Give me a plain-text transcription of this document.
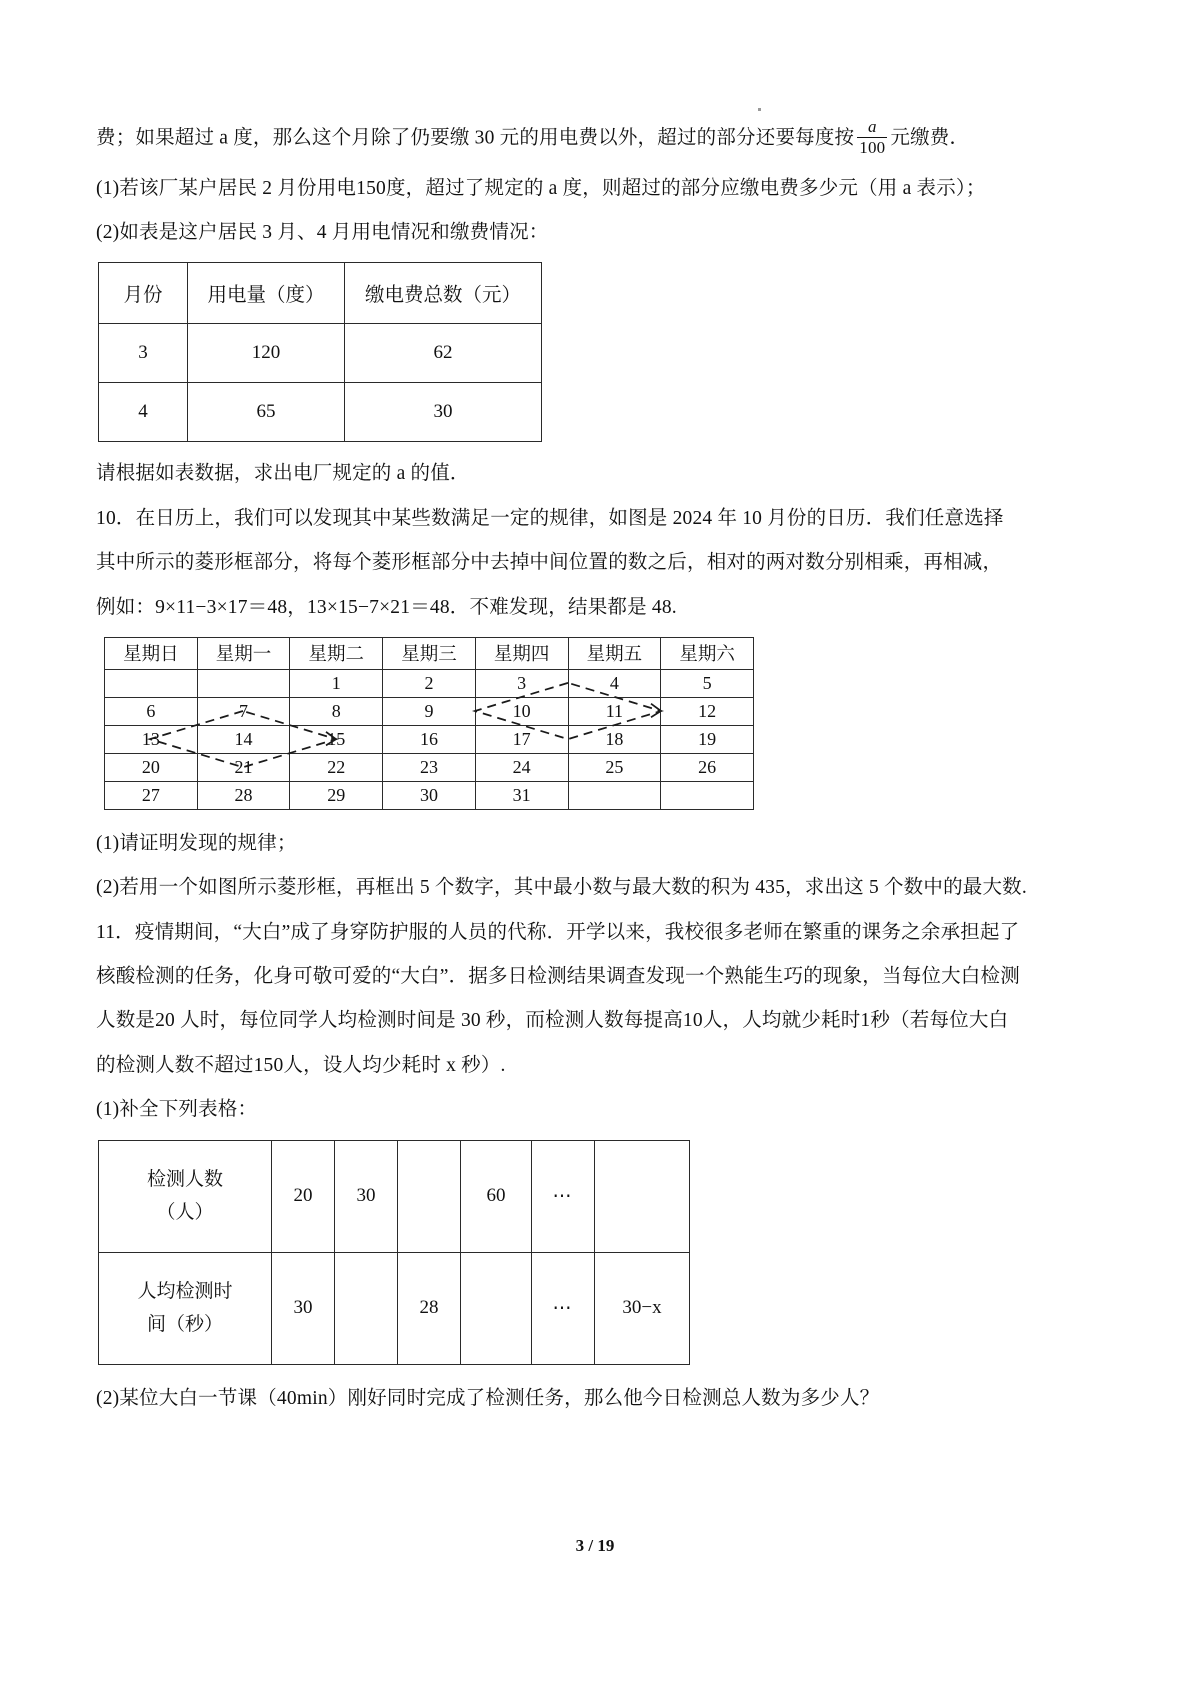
费；如果超过 a 度，那么这个月除了仍要缴 30 元的用电费以外，超过的部分还要每度按 $\frac{a}{100}$ 元缴费．

(1)若该厂某户居民 2 月份用电150度，超过了规定的 a 度，则超过的部分应缴电费多少元（用 a 表示）；

(2)如表是这户居民 3 月、4 月用电情况和缴费情况：

月份	用电量（度）	缴电费总数（元）
3	120	62
4	65	30

请根据如表数据，求出电厂规定的 a 的值．

10．在日历上，我们可以发现其中某些数满足一定的规律，如图是 2024 年 10 月份的日历．我们任意选择

其中所示的菱形框部分，将每个菱形框部分中去掉中间位置的数之后，相对的两对数分别相乘，再相减，

例如：9×11−3×17＝48，13×15−7×21＝48．不难发现，结果都是 48.

星期日	星期一	星期二	星期三	星期四	星期五	星期六
		1	2	3	4	5
6	7	8	9	10	11	12
13	14	15	16	17	18	19
20	21	22	23	24	25	26
27	28	29	30	31		

(1)请证明发现的规律；

(2)若用一个如图所示菱形框，再框出 5 个数字，其中最小数与最大数的积为 435，求出这 5 个数中的最大数.

11．疫情期间，“大白”成了身穿防护服的人员的代称．开学以来，我校很多老师在繁重的课务之余承担起了

核酸检测的任务，化身可敬可爱的“大白”．据多日检测结果调查发现一个熟能生巧的现象，当每位大白检测

人数是20 人时，每位同学人均检测时间是 30 秒，而检测人数每提高10人，人均就少耗时1秒（若每位大白

的检测人数不超过150人，设人均少耗时 x 秒）.

(1)补全下列表格：

检测人数
（人）	20	30		60	⋯	

人均检测时
间（秒）	30		28		⋯	30−x

(2)某位大白一节课（40min）刚好同时完成了检测任务，那么他今日检测总人数为多少人？

3 / 19
